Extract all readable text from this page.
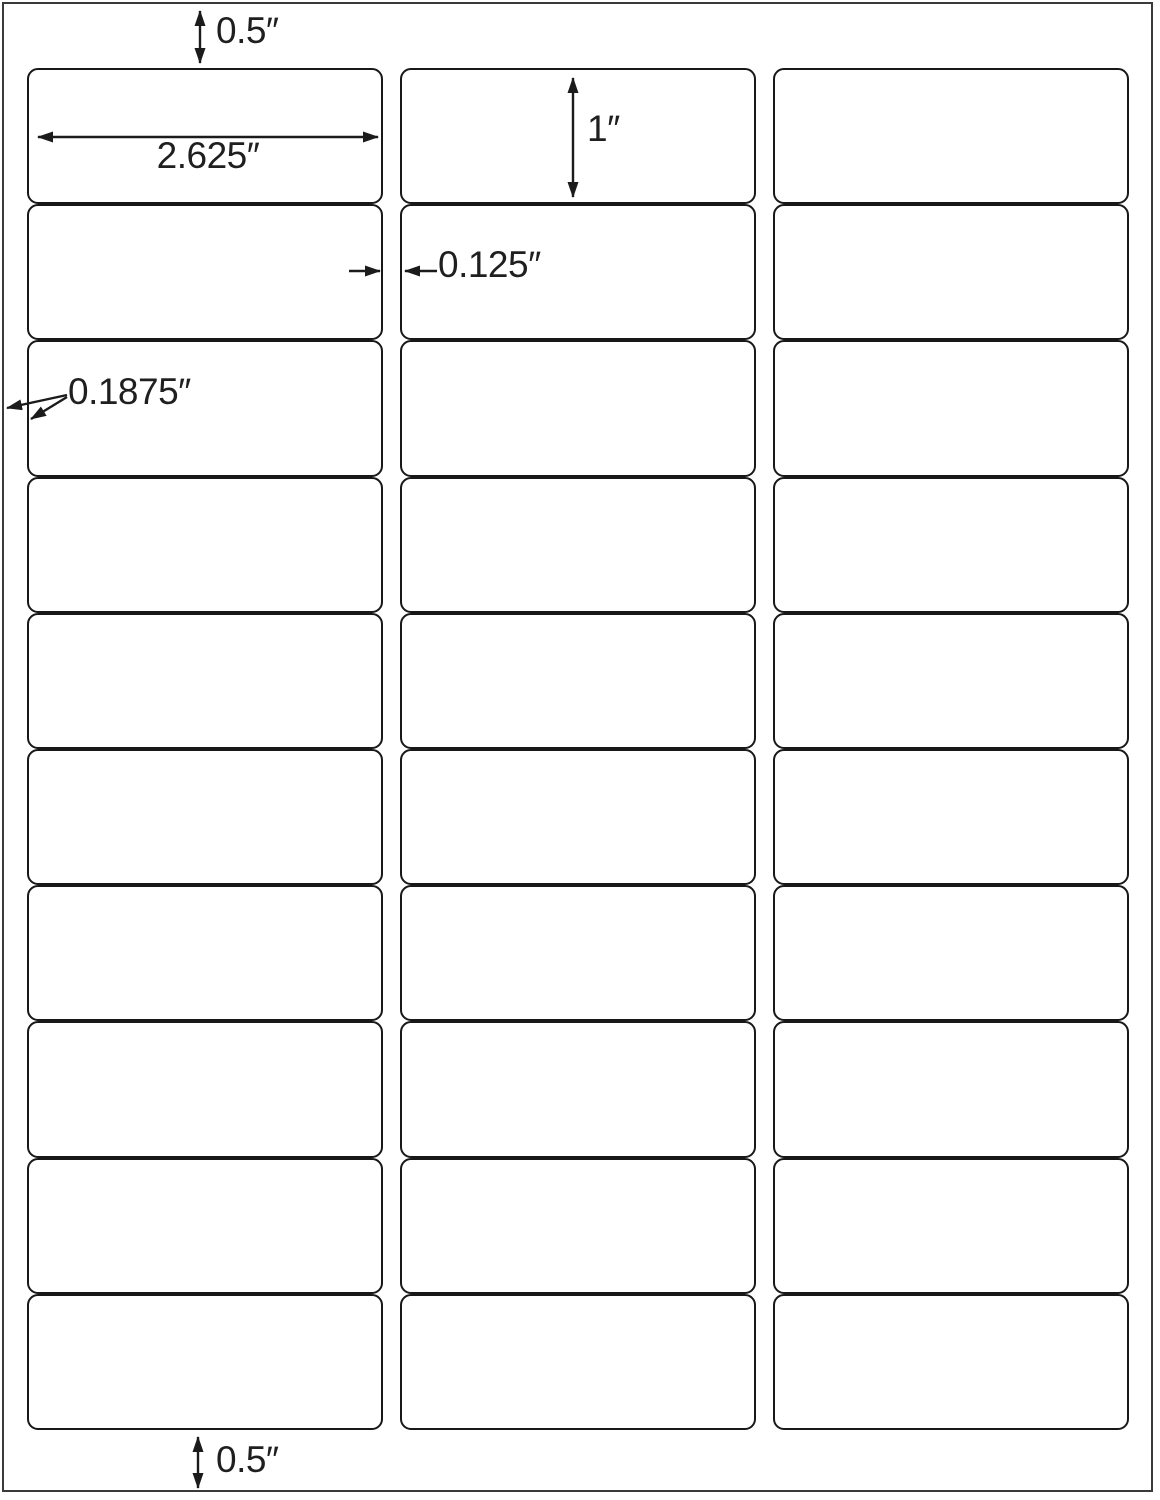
0.5″
2.625″
1″
0.125″
0.1875″
0.5″
